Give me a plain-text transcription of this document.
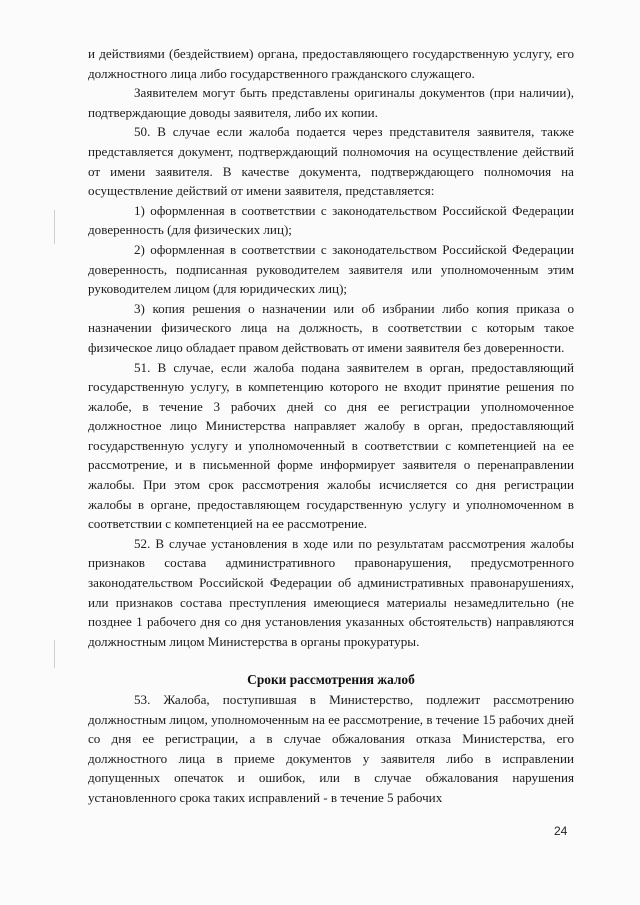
и действиями (бездействием) органа, предоставляющего государственную услугу, его должностного лица либо государственного гражданского служащего.

Заявителем могут быть представлены оригиналы документов (при наличии), подтверждающие доводы заявителя, либо их копии.

50. В случае если жалоба подается через представителя заявителя, также представляется документ, подтверждающий полномочия на осуществление действий от имени заявителя. В качестве документа, подтверждающего полномочия на осуществление действий от имени заявителя, представляется:

1) оформленная в соответствии с законодательством Российской Федерации доверенность (для физических лиц);

2) оформленная в соответствии с законодательством Российской Федерации доверенность, подписанная руководителем заявителя или уполномоченным этим руководителем лицом (для юридических лиц);

3) копия решения о назначении или об избрании либо копия приказа о назначении физического лица на должность, в соответствии с которым такое физическое лицо обладает правом действовать от имени заявителя без доверенности.

51. В случае, если жалоба подана заявителем в орган, предоставляющий государственную услугу, в компетенцию которого не входит принятие решения по жалобе, в течение 3 рабочих дней со дня ее регистрации уполномоченное должностное лицо Министерства направляет жалобу в орган, предоставляющий государственную услугу и уполномоченный в соответствии с компетенцией на ее рассмотрение, и в письменной форме информирует заявителя о перенаправлении жалобы. При этом срок рассмотрения жалобы исчисляется со дня регистрации жалобы в органе, предоставляющем государственную услугу и уполномоченном в соответствии с компетенцией на ее рассмотрение.

52. В случае установления в ходе или по результатам рассмотрения жалобы признаков состава административного правонарушения, предусмотренного законодательством Российской Федерации об административных правонарушениях, или признаков состава преступления имеющиеся материалы незамедлительно (не позднее 1 рабочего дня со дня установления указанных обстоятельств) направляются должностным лицом Министерства в органы прокуратуры.

Сроки рассмотрения жалоб

53. Жалоба, поступившая в Министерство, подлежит рассмотрению должностным лицом, уполномоченным на ее рассмотрение, в течение 15 рабочих дней со дня ее регистрации, а в случае обжалования отказа Министерства, его должностного лица в приеме документов у заявителя либо в исправлении допущенных опечаток и ошибок, или в случае обжалования нарушения установленного срока таких исправлений - в течение 5 рабочих

24
